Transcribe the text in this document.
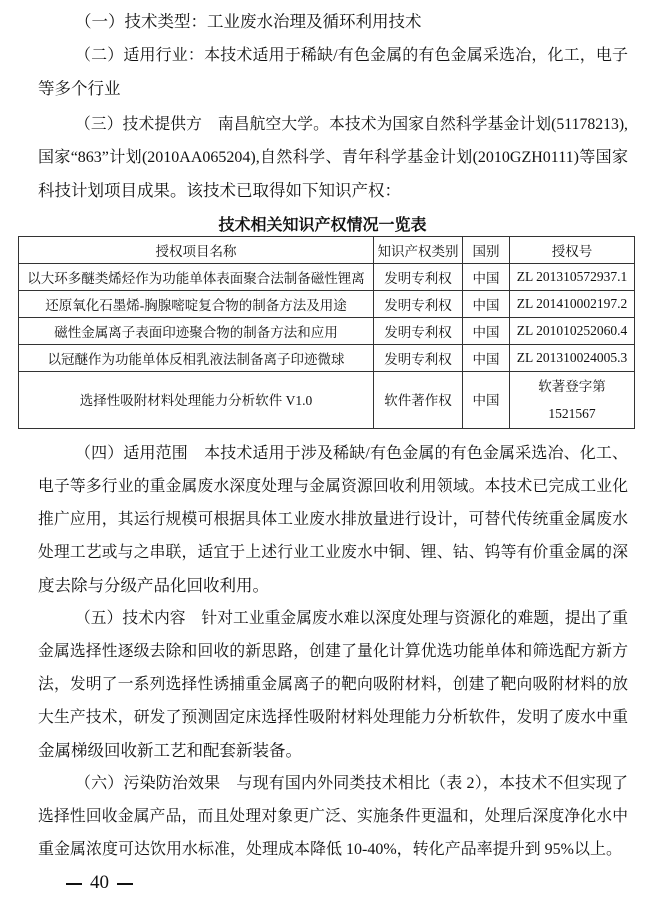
（一）技术类型：工业废水治理及循环利用技术
（二）适用行业：本技术适用于稀缺/有色金属的有色金属采选冶，化工，电子
等多个行业
（三）技术提供方　南昌航空大学。本技术为国家自然科学基金计划(51178213),
国家“863”计划(2010AA065204),自然科学、青年科学基金计划(2010GZH0111)等国家
科技计划项目成果。该技术已取得如下知识产权：
（四）适用范围　本技术适用于涉及稀缺/有色金属的有色金属采选冶、化工、
电子等多行业的重金属废水深度处理与金属资源回收利用领域。本技术已完成工业化
推广应用，其运行规模可根据具体工业废水排放量进行设计，可替代传统重金属废水
处理工艺或与之串联，适宜于上述行业工业废水中铜、锂、钴、钨等有价重金属的深
度去除与分级产品化回收利用。
（五）技术内容　针对工业重金属废水难以深度处理与资源化的难题，提出了重
金属选择性逐级去除和回收的新思路，创建了量化计算优选功能单体和筛选配方新方
法，发明了一系列选择性诱捕重金属离子的靶向吸附材料，创建了靶向吸附材料的放
大生产技术，研发了预测固定床选择性吸附材料处理能力分析软件，发明了废水中重
金属梯级回收新工艺和配套新装备。
（六）污染防治效果　与现有国内外同类技术相比（表 2），本技术不但实现了
选择性回收金属产品，而且处理对象更广泛、实施条件更温和，处理后深度净化水中
重金属浓度可达饮用水标准，处理成本降低 10-40%，转化产品率提升到 95%以上。
技术相关知识产权情况一览表
授权项目名称	知识产权类别	国别	授权号
以大环多醚类烯烃作为功能单体表面聚合法制备磁性锂离	发明专利权	中国	ZL 201310572937.1
还原氧化石墨烯-胸腺嘧啶复合物的制备方法及用途	发明专利权	中国	ZL 201410002197.2
磁性金属离子表面印迹聚合物的制备方法和应用	发明专利权	中国	ZL 201010252060.4
以冠醚作为功能单体反相乳液法制备离子印迹微球	发明专利权	中国	ZL 201310024005.3
选择性吸附材料处理能力分析软件 V1.0	软件著作权	中国	软著登字第 1521567
40
